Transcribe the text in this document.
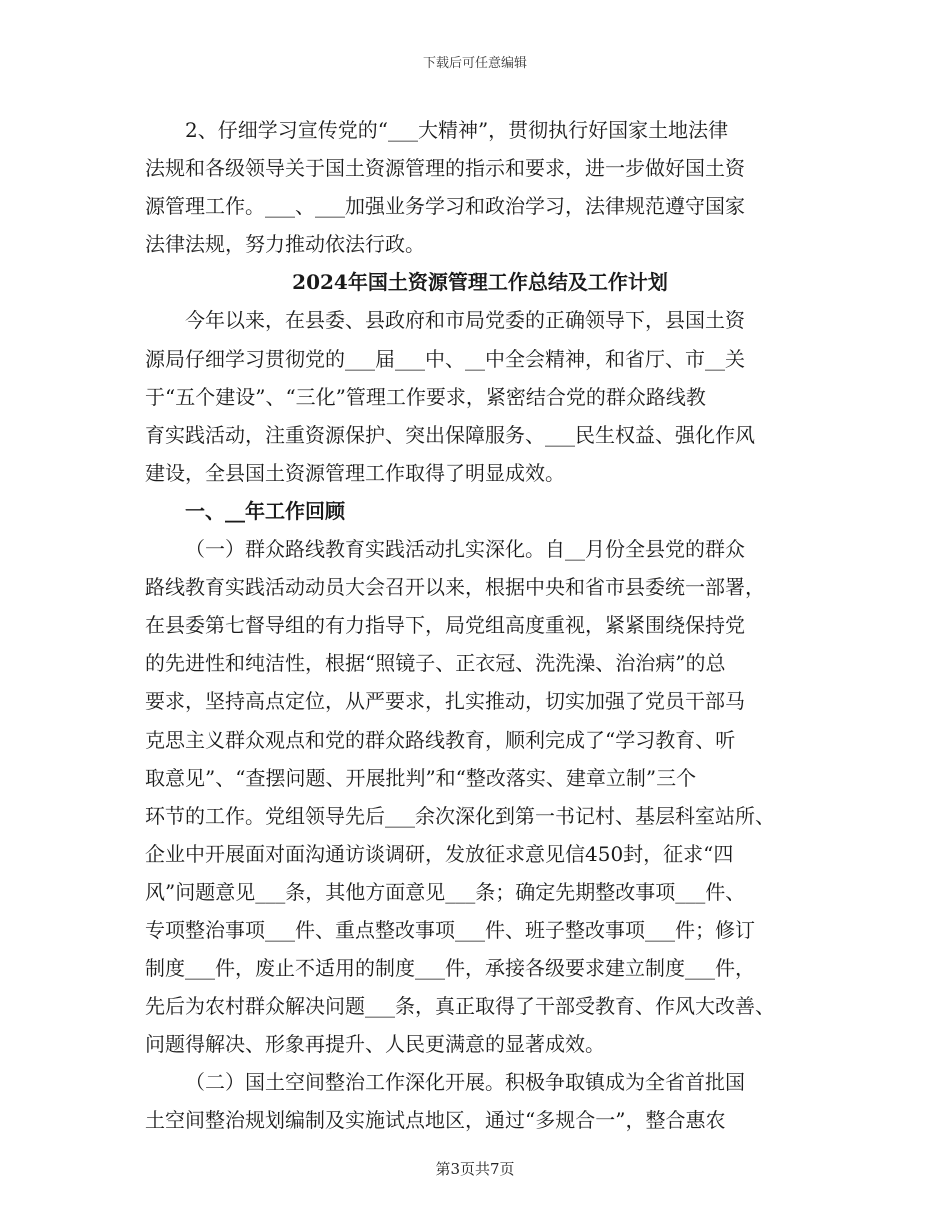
下载后可任意编辑
2、仔细学习宣传党的“___大精神”，贯彻执行好国家土地法律
法规和各级领导关于国土资源管理的指示和要求，进一步做好国土资
源管理工作。___、___加强业务学习和政治学习，法律规范遵守国家
法律法规，努力推动依法行政。
2024年国土资源管理工作总结及工作计划
今年以来，在县委、县政府和市局党委的正确领导下，县国土资
源局仔细学习贯彻党的___届___中、__中全会精神，和省厅、市__关
于“五个建设”、“三化”管理工作要求，紧密结合党的群众路线教
育实践活动，注重资源保护、突出保障服务、___民生权益、强化作风
建设，全县国土资源管理工作取得了明显成效。
一、__年工作回顾
（一）群众路线教育实践活动扎实深化。自__月份全县党的群众
路线教育实践活动动员大会召开以来，根据中央和省市县委统一部署，
在县委第七督导组的有力指导下，局党组高度重视，紧紧围绕保持党
的先进性和纯洁性，根据“照镜子、正衣冠、洗洗澡、治治病”的总
要求，坚持高点定位，从严要求，扎实推动，切实加强了党员干部马
克思主义群众观点和党的群众路线教育，顺利完成了“学习教育、听
取意见”、“查摆问题、开展批判”和“整改落实、建章立制”三个
环节的工作。党组领导先后___余次深化到第一书记村、基层科室站所、
企业中开展面对面沟通访谈调研，发放征求意见信450封，征求“四
风”问题意见___条，其他方面意见___条；确定先期整改事项___件、
专项整治事项___件、重点整改事项___件、班子整改事项___件；修订
制度___件，废止不适用的制度___件，承接各级要求建立制度___件，
先后为农村群众解决问题___条，真正取得了干部受教育、作风大改善、
问题得解决、形象再提升、人民更满意的显著成效。
（二）国土空间整治工作深化开展。积极争取镇成为全省首批国
土空间整治规划编制及实施试点地区，通过“多规合一”，整合惠农
第3页共7页
